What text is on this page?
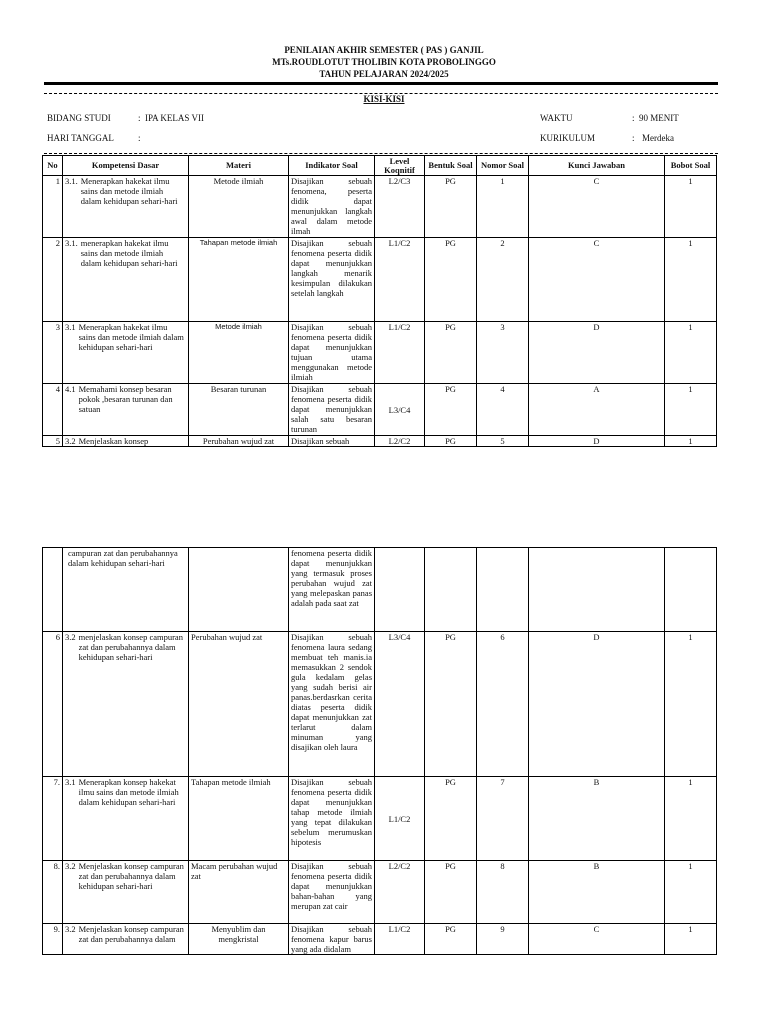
PENILAIAN AKHIR SEMESTER ( PAS ) GANJIL
MTs.ROUDLOTUT THOLIBIN KOTA PROBOLINGGO
TAHUN PELAJARAN 2024/2025
KISI-KISI
BIDANG STUDI	: IPA KELAS VII
HARI TANGGAL	:
WAKTU	: 90 MENIT
KURIKULUM	: Merdeka
No	Kompetensi Dasar	Materi	Indikator Soal	Level Koqnitif	Bentuk Soal	Nomor Soal	Kunci Jawaban	Bobot Soal
1	3.1. Menerapkan hakekat ilmu sains dan metode ilmiah dalam kehidupan sehari-hari	Metode ilmiah	Disajikan sebuah fenomena, peserta didik dapat menunjukkan langkah awal dalam metode ilmah	L2/C3	PG	1	C	1
2	3.1. menerapkan hakekat ilmu sains dan metode ilmiah dalam kehidupan sehari-hari	Tahapan metode ilmiah	Disajikan sebuah fenomena peserta didik dapat menunjukkan langkah menarik kesimpulan dilakukan setelah langkah	L1/C2	PG	2	C	1
3	3.1 Menerapkan hakekat ilmu sains dan metode ilmiah dalam kehidupan sehari-hari	Metode ilmiah	Disajikan sebuah fenomena peserta didik dapat menunjukkan tujuan utama menggunakan metode ilmiah	L1/C2	PG	3	D	1
4	4.1 Memahami konsep besaran pokok ,besaran turunan dan satuan	Besaran turunan	Disajikan sebuah fenomena peserta didik dapat menunjukkan salah satu besaran turunan	L3/C4	PG	4	A	1
5	3.2 Menjelaskan konsep	Perubahan wujud zat	Disajikan sebuah	L2/C2	PG	5	D	1

	campuran zat dan perubahannya dalam kehidupan sehari-hari		fenomena peserta didik dapat menunjukkan yang termasuk proses perubahan wujud zat yang melepaskan panas adalah pada saat zat					
6	3.2 menjelaskan konsep campuran zat dan perubahannya dalam kehidupan sehari-hari	Perubahan wujud zat	Disajikan sebuah fenomena laura sedang membuat teh manis.ia memasukkan 2 sendok gula kedalam gelas yang sudah berisi air panas.berdasrkan cerita diatas peserta didik dapat menunjukkan zat terlarut dalam minuman yang disajikan oleh laura	L3/C4	PG	6	D	1
7.	3.1 Menerapkan konsep hakekat ilmu sains dan metode ilmiah dalam kehidupan sehari-hari	Tahapan metode ilmiah	Disajikan sebuah fenomena peserta didik dapat menunjukkan tahap metode ilmiah yang tepat dilakukan sebelum merumuskan hipotesis	L1/C2	PG	7	B	1
8.	3.2 Menjelaskan konsep campuran zat dan perubahannya dalam kehidupan sehari-hari	Macam perubahan wujud zat	Disajikan sebuah fenomena peserta didik dapat menunjukkan bahan-bahan yang merupan zat cair	L2/C2	PG	8	B	1
9.	3.2 Menjelaskan konsep campuran zat dan perubahannya dalam	Menyublim dan mengkristal	Disajikan sebuah fenomena kapur barus yang ada didalam	L1/C2	PG	9	C	1
